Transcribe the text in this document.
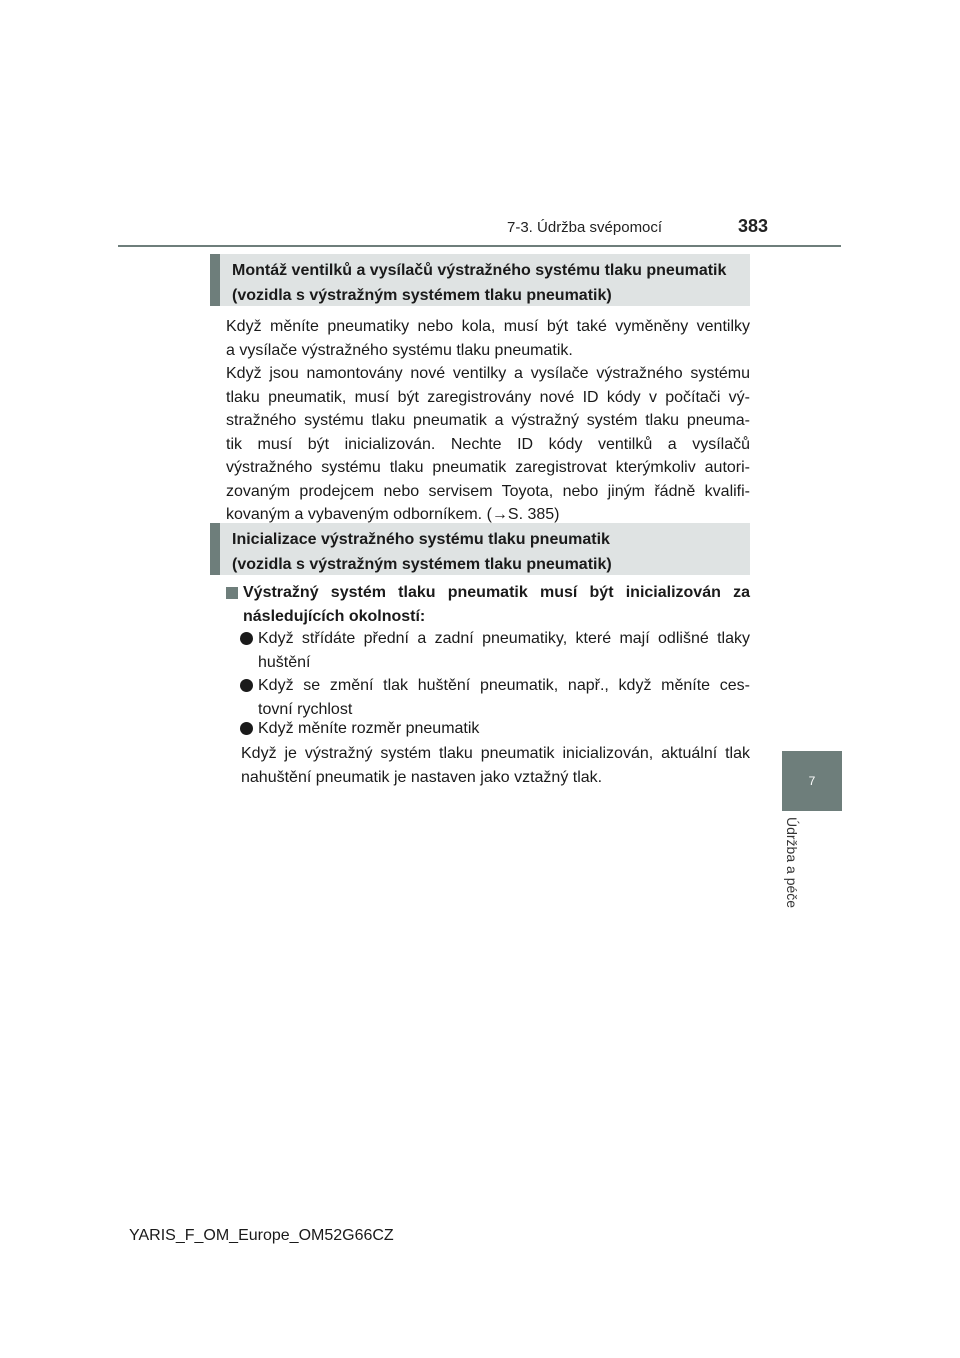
7-3. Údržba svépomocí	383
7
Údržba a péče
Montáž ventilků a vysílačů výstražného systému tlaku pneumatik
(vozidla s výstražným systémem tlaku pneumatik)

Když měníte pneumatiky nebo kola, musí být také vyměněny ventilky
a vysílače výstražného systému tlaku pneumatik.

Když jsou namontovány nové ventilky a vysílače výstražného systému
tlaku pneumatik, musí být zaregistrovány nové ID kódy v počítači vý-
stražného systému tlaku pneumatik a výstražný systém tlaku pneuma-
tik musí být inicializován. Nechte ID kódy ventilků a vysílačů
výstražného systému tlaku pneumatik zaregistrovat kterýmkoliv autori-
zovaným prodejcem nebo servisem Toyota, nebo jiným řádně kvalifi-
kovaným a vybaveným odborníkem. (→S. 385)

Inicializace výstražného systému tlaku pneumatik
(vozidla s výstražným systémem tlaku pneumatik)
Výstražný systém tlaku pneumatik musí být inicializován za
následujících okolností:
Když střídáte přední a zadní pneumatiky, které mají odlišné tlaky
huštění
Když se změní tlak huštění pneumatik, např., když měníte ces-
tovní rychlost
Když měníte rozměr pneumatik

Když je výstražný systém tlaku pneumatik inicializován, aktuální tlak
nahuštění pneumatik je nastaven jako vztažný tlak.

YARIS_F_OM_Europe_OM52G66CZ
